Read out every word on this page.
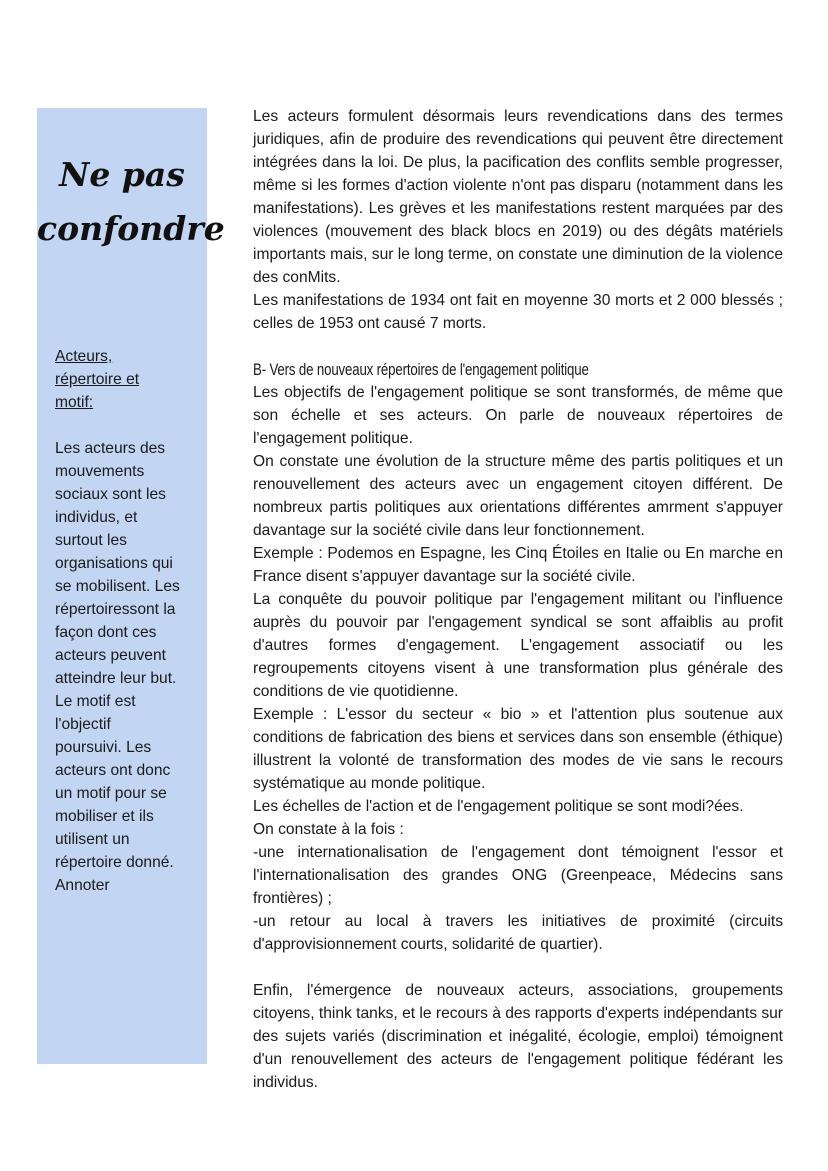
Ne pas
confondre

Acteurs,
répertoire et
motif:

Les acteurs des
mouvements
sociaux sont les
individus, et
surtout les
organisations qui
se mobilisent. Les
répertoiressont la
façon dont ces
acteurs peuvent
atteindre leur but.
Le motif est
l'objectif
poursuivi. Les
acteurs ont donc
un motif pour se
mobiliser et ils
utilisent un
répertoire donné.
Annoter

Les acteurs formulent désormais leurs revendications dans des termes juridiques, afin de produire des revendications qui peuvent être directement intégrées dans la loi. De plus, la pacification des conflits semble progresser, même si les formes d'action violente n'ont pas disparu (notamment dans les manifestations). Les grèves et les manifestations restent marquées par des violences (mouvement des black blocs en 2019) ou des dégâts matériels importants mais, sur le long terme, on constate une diminution de la violence des conMits.

Les manifestations de 1934 ont fait en moyenne 30 morts et 2 000 blessés ; celles de 1953 ont causé 7 morts.

B- Vers de nouveaux répertoires de l'engagement politique

Les objectifs de l'engagement politique se sont transformés, de même que son échelle et ses acteurs. On parle de nouveaux répertoires de l'engagement politique.

On constate une évolution de la structure même des partis politiques et un renouvellement des acteurs avec un engagement citoyen différent. De nombreux partis politiques aux orientations différentes amrment s'appuyer davantage sur la société civile dans leur fonctionnement.

Exemple : Podemos en Espagne, les Cinq Étoiles en Italie ou En marche en France disent s'appuyer davantage sur la société civile.

La conquête du pouvoir politique par l'engagement militant ou l'influence auprès du pouvoir par l'engagement syndical se sont affaiblis au profit d'autres formes d'engagement. L'engagement associatif ou les regroupements citoyens visent à une transformation plus générale des conditions de vie quotidienne.

Exemple : L'essor du secteur « bio » et l'attention plus soutenue aux conditions de fabrication des biens et services dans son ensemble (éthique) illustrent la volonté de transformation des modes de vie sans le recours systématique au monde politique.

Les échelles de l'action et de l'engagement politique se sont modi?ées.

On constate à la fois :

-une internationalisation de l'engagement dont témoignent l'essor et l'internationalisation des grandes ONG (Greenpeace, Médecins sans frontières) ;

-un retour au local à travers les initiatives de proximité (circuits d'approvisionnement courts, solidarité de quartier).

Enfin, l'émergence de nouveaux acteurs, associations, groupements citoyens, think tanks, et le recours à des rapports d'experts indépendants sur des sujets variés (discrimination et inégalité, écologie, emploi) témoignent d'un renouvellement des acteurs de l'engagement politique fédérant les individus.
